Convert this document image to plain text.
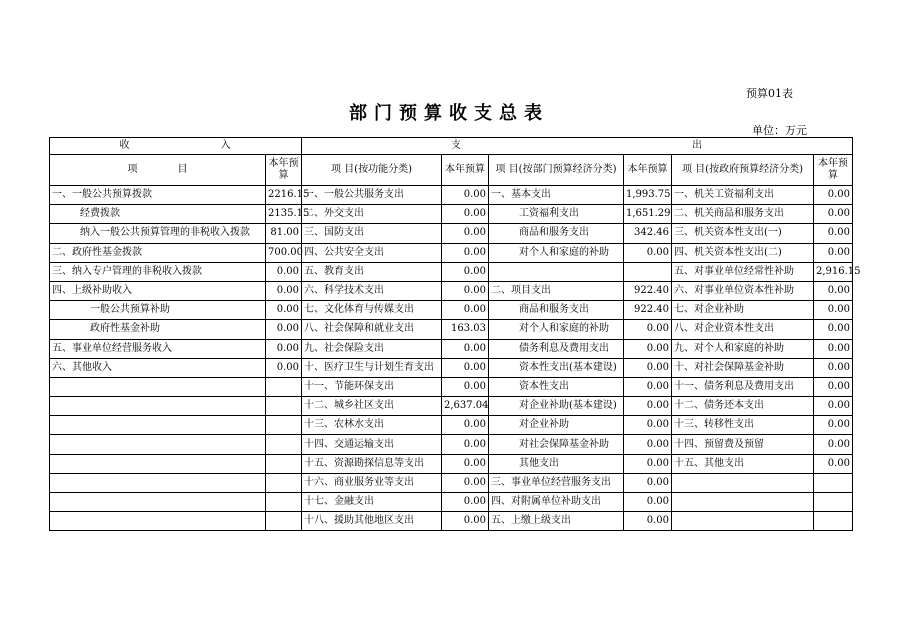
预算01表
部门预算收支总表
单位：万元
收 入		支 出					
项 目	本年预算	项 目(按功能分类)	本年预算	项 目(按部门预算经济分类)	本年预算	项 目(按政府预算经济分类)	本年预算
一、一般公共预算拨款	2216.15	一、一般公共服务支出	0.00	一、基本支出	1,993.75	一、机关工资福利支出	0.00
经费拨款	2135.15	二、外交支出	0.00	工资福利支出	1,651.29	二、机关商品和服务支出	0.00
纳入一般公共预算管理的非税收入拨款	81.00	三、国防支出	0.00	商品和服务支出	342.46	三、机关资本性支出(一)	0.00
二、政府性基金拨款	700.00	四、公共安全支出	0.00	对个人和家庭的补助	0.00	四、机关资本性支出(二)	0.00
三、纳入专户管理的非税收入拨款	0.00	五、教育支出	0.00			五、对事业单位经常性补助	2,916.15
四、上级补助收入	0.00	六、科学技术支出	0.00	二、项目支出	922.40	六、对事业单位资本性补助	0.00
一般公共预算补助	0.00	七、文化体育与传媒支出	0.00	商品和服务支出	922.40	七、对企业补助	0.00
政府性基金补助	0.00	八、社会保障和就业支出	163.03	对个人和家庭的补助	0.00	八、对企业资本性支出	0.00
五、事业单位经营服务收入	0.00	九、社会保险支出	0.00	债务利息及费用支出	0.00	九、对个人和家庭的补助	0.00
六、其他收入	0.00	十、医疗卫生与计划生育支出	0.00	资本性支出(基本建设)	0.00	十、对社会保障基金补助	0.00
		十一、节能环保支出	0.00	资本性支出	0.00	十一、债务利息及费用支出	0.00
		十二、城乡社区支出	2,637.04	对企业补助(基本建设)	0.00	十二、债务还本支出	0.00
		十三、农林水支出	0.00	对企业补助	0.00	十三、转移性支出	0.00
		十四、交通运输支出	0.00	对社会保障基金补助	0.00	十四、预留费及预留	0.00
		十五、资源勘探信息等支出	0.00	其他支出	0.00	十五、其他支出	0.00
		十六、商业服务业等支出	0.00	三、事业单位经营服务支出	0.00		
		十七、金融支出	0.00	四、对附属单位补助支出	0.00		
		十八、援助其他地区支出	0.00	五、上缴上级支出	0.00		
